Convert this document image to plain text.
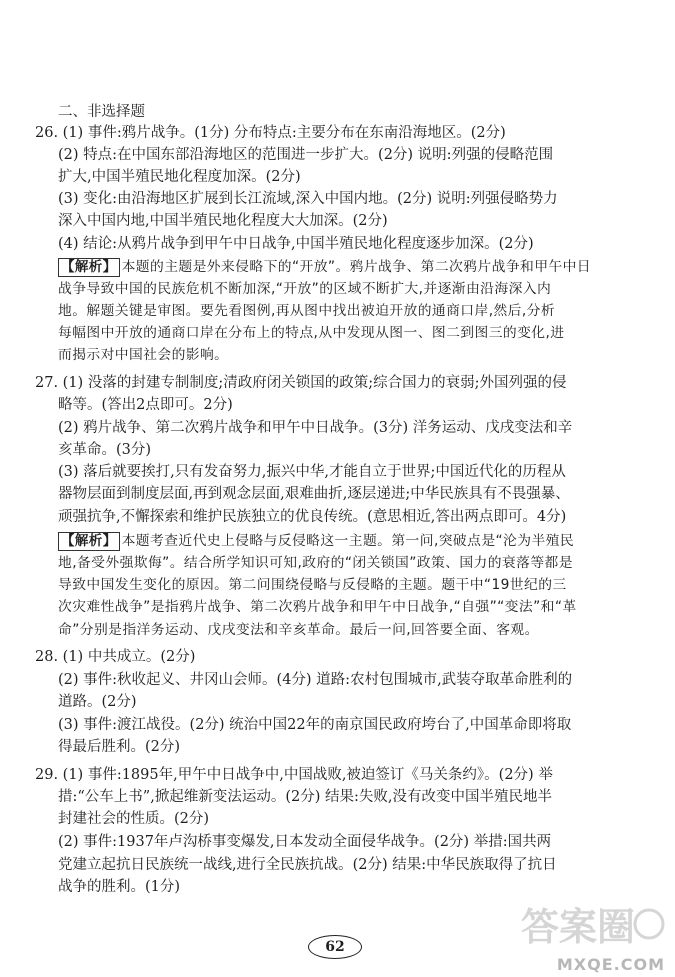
二、非选择题
26. (1) 事件:鸦片战争。(1分) 分布特点:主要分布在东南沿海地区。(2分)
(2) 特点:在中国东部沿海地区的范围进一步扩大。(2分) 说明:列强的侵略范围
扩大,中国半殖民地化程度加深。(2分)
(3) 变化:由沿海地区扩展到长江流域,深入中国内地。(2分) 说明:列强侵略势力
深入中国内地,中国半殖民地化程度大大加深。(2分)
(4) 结论:从鸦片战争到甲午中日战争,中国半殖民地化程度逐步加深。(2分)
【解析】 本题的主题是外来侵略下的“开放”。鸦片战争、第二次鸦片战争和甲午中日
战争导致中国的民族危机不断加深,“开放”的区域不断扩大,并逐渐由沿海深入内
地。解题关键是审图。要先看图例,再从图中找出被迫开放的通商口岸,然后,分析
每幅图中开放的通商口岸在分布上的特点,从中发现从图一、图二到图三的变化,进
而揭示对中国社会的影响。
27. (1) 没落的封建专制制度;清政府闭关锁国的政策;综合国力的衰弱;外国列强的侵
略等。(答出2点即可。2分)
(2) 鸦片战争、第二次鸦片战争和甲午中日战争。(3分) 洋务运动、戊戌变法和辛
亥革命。(3分)
(3) 落后就要挨打,只有发奋努力,振兴中华,才能自立于世界;中国近代化的历程从
器物层面到制度层面,再到观念层面,艰难曲折,逐层递进;中华民族具有不畏强暴、
顽强抗争,不懈探索和维护民族独立的优良传统。(意思相近,答出两点即可。4分)
【解析】 本题考查近代史上侵略与反侵略这一主题。第一问,突破点是“沦为半殖民
地,备受外强欺侮”。结合所学知识可知,政府的“闭关锁国”政策、国力的衰落等都是
导致中国发生变化的原因。第二问围绕侵略与反侵略的主题。题干中“19世纪的三
次灾难性战争”是指鸦片战争、第二次鸦片战争和甲午中日战争,“自强”“变法”和“革
命”分别是指洋务运动、戊戌变法和辛亥革命。最后一问,回答要全面、客观。
28. (1) 中共成立。(2分)
(2) 事件:秋收起义、井冈山会师。(4分) 道路:农村包围城市,武装夺取革命胜利的
道路。(2分)
(3) 事件:渡江战役。(2分) 统治中国22年的南京国民政府垮台了,中国革命即将取
得最后胜利。(2分)
29. (1) 事件:1895年,甲午中日战争中,中国战败,被迫签订《马关条约》。(2分) 举
措:“公车上书”,掀起维新变法运动。(2分) 结果:失败,没有改变中国半殖民地半
封建社会的性质。(2分)
(2) 事件:1937年卢沟桥事变爆发,日本发动全面侵华战争。(2分) 举措:国共两
党建立起抗日民族统一战线,进行全民族抗战。(2分) 结果:中华民族取得了抗日
战争的胜利。(1分)
62	答案圈
MXQE.COM
